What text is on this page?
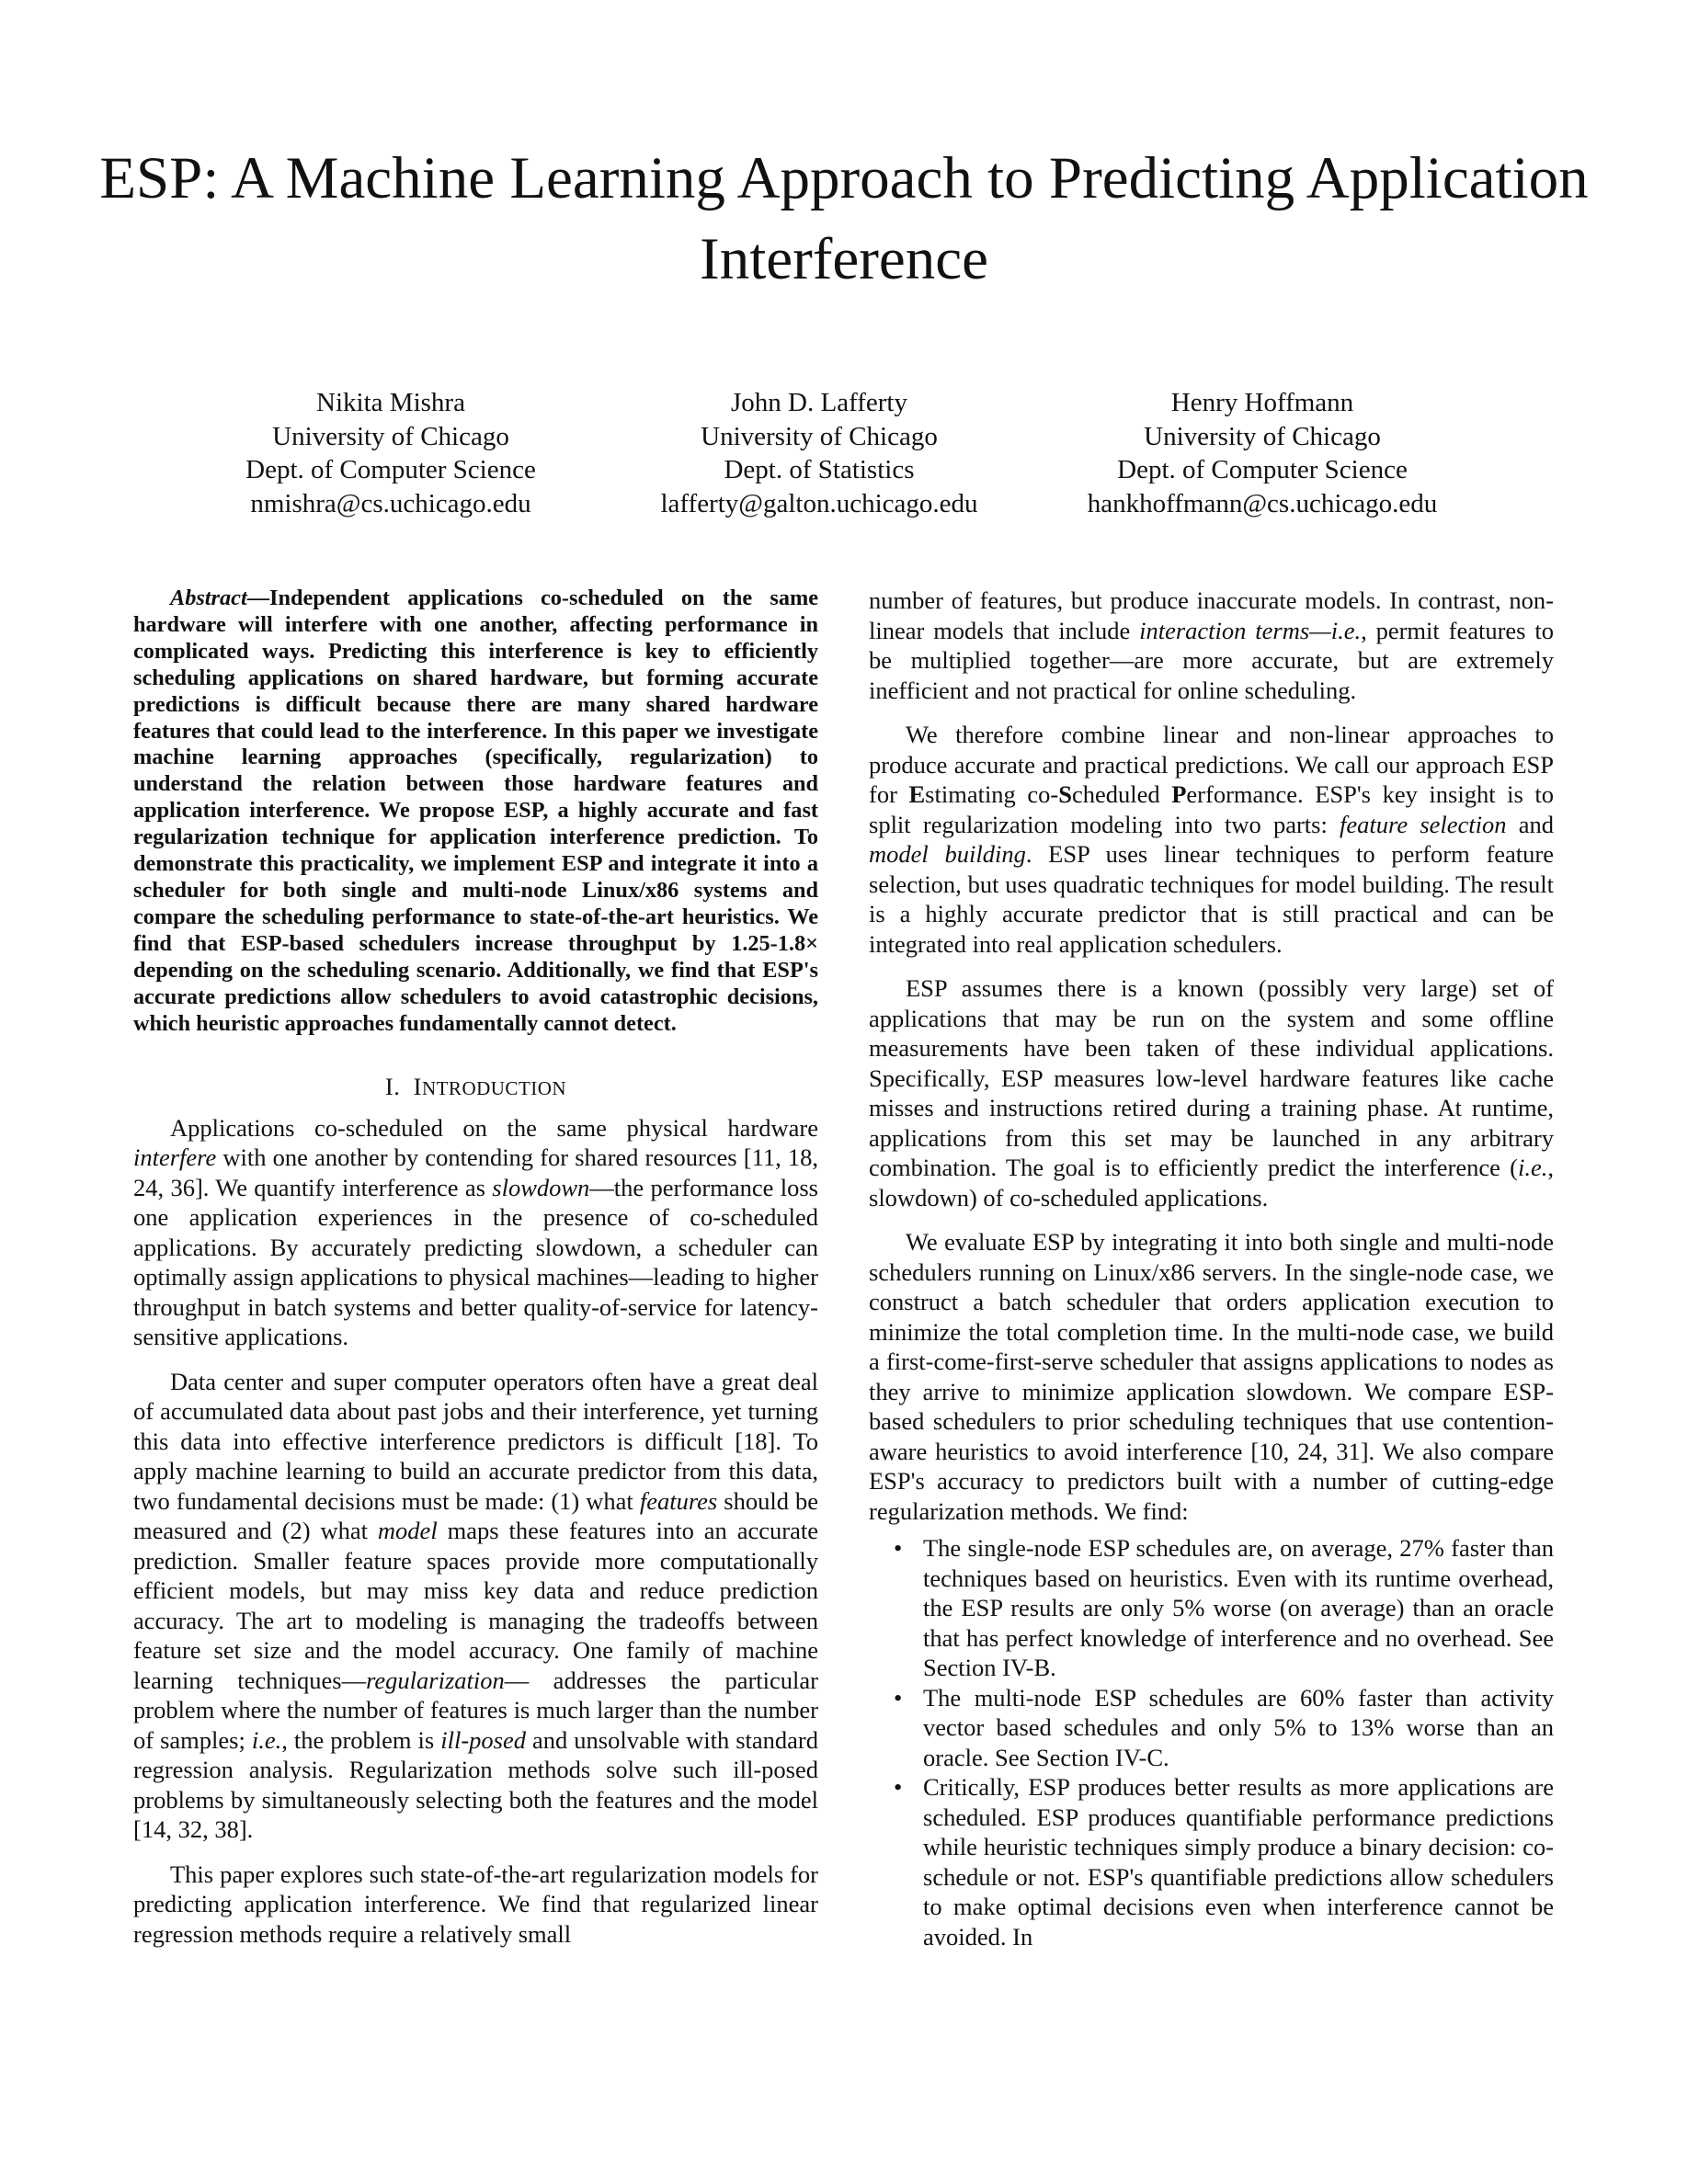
ESP: A Machine Learning Approach to Predicting Application Interference
Nikita Mishra
University of Chicago
Dept. of Computer Science
nmishra@cs.uchicago.edu
John D. Lafferty
University of Chicago
Dept. of Statistics
lafferty@galton.uchicago.edu
Henry Hoffmann
University of Chicago
Dept. of Computer Science
hankhoffmann@cs.uchicago.edu

Abstract—Independent applications co-scheduled on the same hardware will interfere with one another, affecting performance in complicated ways. Predicting this interference is key to efficiently scheduling applications on shared hardware, but forming accurate predictions is difficult because there are many shared hardware features that could lead to the interference. In this paper we investigate machine learning approaches (specifically, regularization) to understand the relation between those hardware features and application interference. We propose ESP, a highly accurate and fast regularization technique for application interference prediction. To demonstrate this practicality, we implement ESP and integrate it into a scheduler for both single and multi-node Linux/x86 systems and compare the scheduling performance to state-of-the-art heuristics. We find that ESP-based schedulers increase throughput by 1.25-1.8× depending on the scheduling scenario. Additionally, we find that ESP's accurate predictions allow schedulers to avoid catastrophic decisions, which heuristic approaches fundamentally cannot detect.

I. INTRODUCTION

Applications co-scheduled on the same physical hardware interfere with one another by contending for shared resources [11, 18, 24, 36]. We quantify interference as slowdown—the performance loss one application experiences in the presence of co-scheduled applications. By accurately predicting slowdown, a scheduler can optimally assign applications to physical machines—leading to higher throughput in batch systems and better quality-of-service for latency-sensitive applications.

Data center and super computer operators often have a great deal of accumulated data about past jobs and their interference, yet turning this data into effective interference predictors is difficult [18]. To apply machine learning to build an accurate predictor from this data, two fundamental decisions must be made: (1) what features should be measured and (2) what model maps these features into an accurate prediction. Smaller feature spaces provide more computationally efficient models, but may miss key data and reduce prediction accuracy. The art to modeling is managing the tradeoffs between feature set size and the model accuracy. One family of machine learning techniques—regularization— addresses the particular problem where the number of features is much larger than the number of samples; i.e., the problem is ill-posed and unsolvable with standard regression analysis. Regularization methods solve such ill-posed problems by simultaneously selecting both the features and the model [14, 32, 38].

This paper explores such state-of-the-art regularization models for predicting application interference. We find that regularized linear regression methods require a relatively small

number of features, but produce inaccurate models. In contrast, non-linear models that include interaction terms—i.e., permit features to be multiplied together—are more accurate, but are extremely inefficient and not practical for online scheduling.

We therefore combine linear and non-linear approaches to produce accurate and practical predictions. We call our approach ESP for Estimating co-Scheduled Performance. ESP's key insight is to split regularization modeling into two parts: feature selection and model building. ESP uses linear techniques to perform feature selection, but uses quadratic techniques for model building. The result is a highly accurate predictor that is still practical and can be integrated into real application schedulers.

ESP assumes there is a known (possibly very large) set of applications that may be run on the system and some offline measurements have been taken of these individual applications. Specifically, ESP measures low-level hardware features like cache misses and instructions retired during a training phase. At runtime, applications from this set may be launched in any arbitrary combination. The goal is to efficiently predict the interference (i.e., slowdown) of co-scheduled applications.

We evaluate ESP by integrating it into both single and multi-node schedulers running on Linux/x86 servers. In the single-node case, we construct a batch scheduler that orders application execution to minimize the total completion time. In the multi-node case, we build a first-come-first-serve scheduler that assigns applications to nodes as they arrive to minimize application slowdown. We compare ESP-based schedulers to prior scheduling techniques that use contention-aware heuristics to avoid interference [10, 24, 31]. We also compare ESP's accuracy to predictors built with a number of cutting-edge regularization methods. We find:

• The single-node ESP schedules are, on average, 27% faster than techniques based on heuristics. Even with its runtime overhead, the ESP results are only 5% worse (on average) than an oracle that has perfect knowledge of interference and no overhead. See Section IV-B.
• The multi-node ESP schedules are 60% faster than activity vector based schedules and only 5% to 13% worse than an oracle. See Section IV-C.
• Critically, ESP produces better results as more applications are scheduled. ESP produces quantifiable performance predictions while heuristic techniques simply produce a binary decision: co-schedule or not. ESP's quantifiable predictions allow schedulers to make optimal decisions even when interference cannot be avoided. In
